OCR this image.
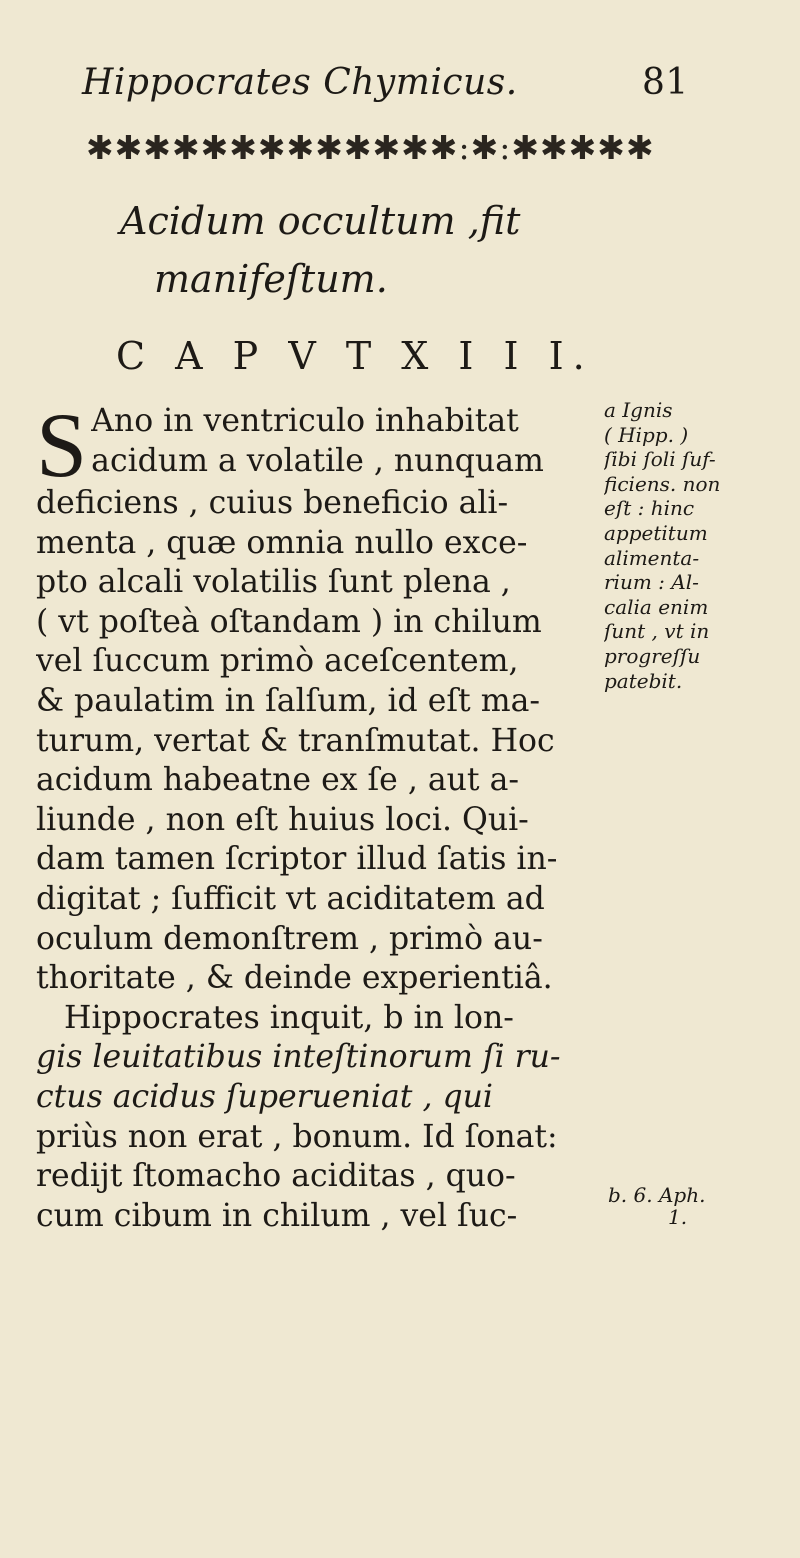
Hippocrates Chymicus.	81
✱✱✱✱✱✱✱✱✱✱✱✱✱:✱:✱✱✱✱✱
Acidum occultum ,fit
manifeſtum.
C A P V T X I I I.
S Ano in ventriculo inhabitat
acidum a volatile , nunquam
deficiens , cuius beneficio ali-
menta , quæ omnia nullo exce-
pto alcali volatilis ſunt plena ,
( vt poſteà oſtandam ) in chilum
vel ſuccum primò aceſcentem,
& paulatim in ſalſum, id eſt ma-
turum, vertat & tranſmutat. Hoc
acidum habeatne ex ſe , aut a-
liunde , non eſt huius loci. Qui-
dam tamen ſcriptor illud ſatis in-
digitat ; ſufficit vt aciditatem ad
oculum demonſtrem , primò au-
thoritate , & deinde experientiâ.
Hippocrates inquit, b in lon-
gis leuitatibus inteſtinorum ſi ru-
ctus acidus ſuperueniat , qui
priùs non erat , bonum. Id ſonat:
redijt ſtomacho aciditas , quo-
cum cibum in chilum , vel ſuc-
a Ignis
( Hipp. )
ſibi ſoli ſuf-
ficiens. non
eſt : hinc
appetitum
alimenta-
rium : Al-
calia enim
ſunt , vt in
progreſſu
patebit.
b. 6. Aph.
1.
